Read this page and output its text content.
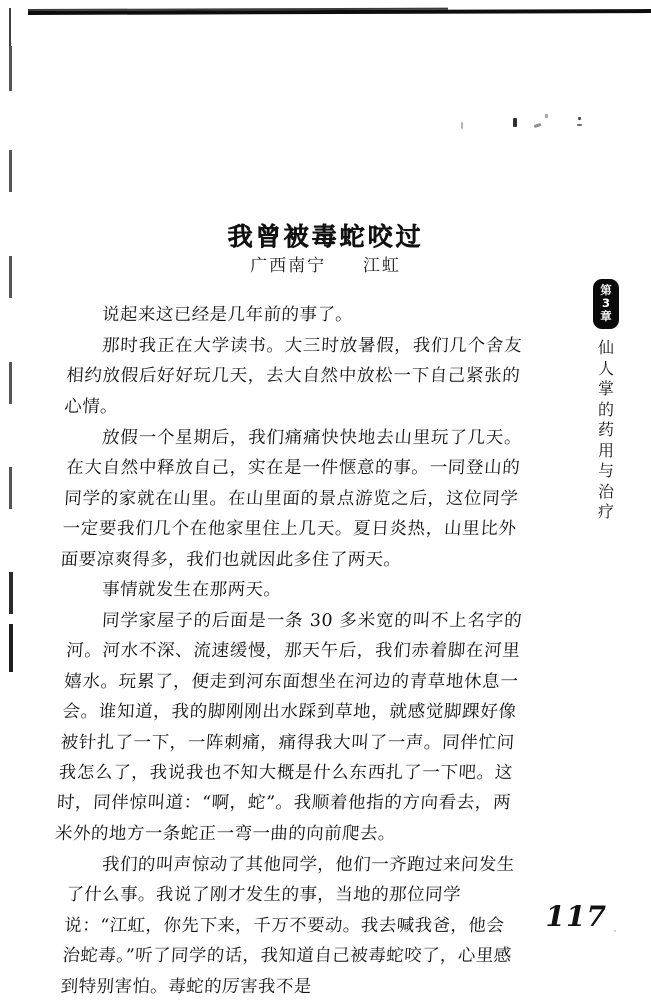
我曾被毒蛇咬过
广西南宁 江虹

说起来这已经是几年前的事了。

那时我正在大学读书。大三时放暑假，我们几个舍友相约放假后好好玩几天，去大自然中放松一下自己紧张的心情。

放假一个星期后，我们痛痛快快地去山里玩了几天。在大自然中释放自己，实在是一件惬意的事。一同登山的同学的家就在山里。在山里面的景点游览之后，这位同学一定要我们几个在他家里住上几天。夏日炎热，山里比外面要凉爽得多，我们也就因此多住了两天。

事情就发生在那两天。

同学家屋子的后面是一条 30 多米宽的叫不上名字的河。河水不深、流速缓慢，那天午后，我们赤着脚在河里嬉水。玩累了，便走到河东面想坐在河边的青草地休息一会。谁知道，我的脚刚刚出水踩到草地，就感觉脚踝好像被针扎了一下，一阵刺痛，痛得我大叫了一声。同伴忙问我怎么了，我说我也不知大概是什么东西扎了一下吧。这时，同伴惊叫道：“啊，蛇”。我顺着他指的方向看去，两米外的地方一条蛇正一弯一曲的向前爬去。

我们的叫声惊动了其他同学，他们一齐跑过来问发生了什么事。我说了刚才发生的事，当地的那位同学说：“江虹，你先下来，千万不要动。我去喊我爸，他会治蛇毒。”听了同学的话，我知道自己被毒蛇咬了，心里感到特别害怕。毒蛇的厉害我不是

第
3
章
仙
人
掌
的
药
用
与
治
疗
117
